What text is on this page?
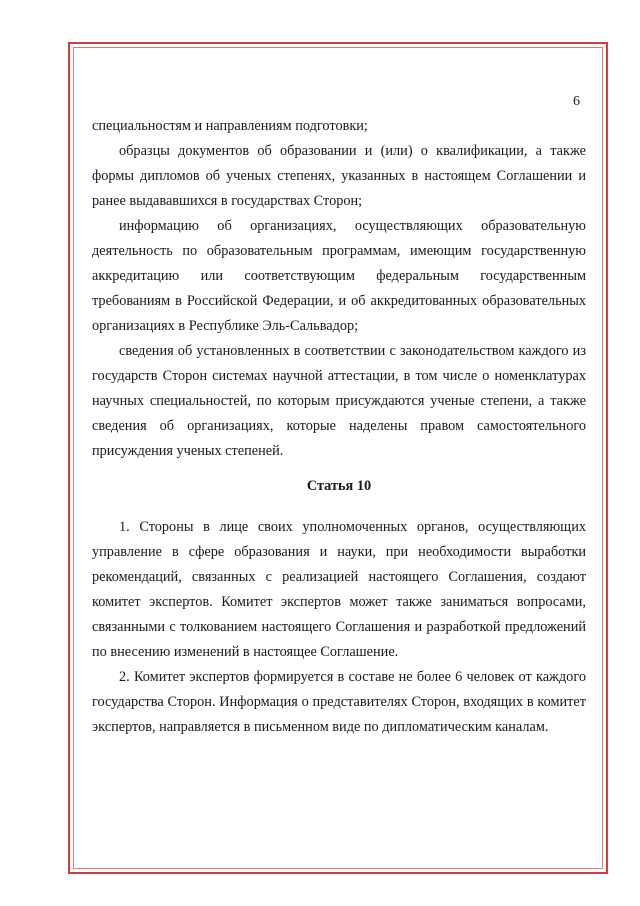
6

специальностям и направлениям подготовки;

образцы документов об образовании и (или) о квалификации, а также формы дипломов об ученых степенях, указанных в настоящем Соглашении и ранее выдававшихся в государствах Сторон;

информацию об организациях, осуществляющих образовательную деятельность по образовательным программам, имеющим государственную аккредитацию или соответствующим федеральным государственным требованиям в Российской Федерации, и об аккредитованных образовательных организациях в Республике Эль-Сальвадор;

сведения об установленных в соответствии с законодательством каждого из государств Сторон системах научной аттестации, в том числе о номенклатурах научных специальностей, по которым присуждаются ученые степени, а также сведения об организациях, которые наделены правом самостоятельного присуждения ученых степеней.

Статья 10

1. Стороны в лице своих уполномоченных органов, осуществляющих управление в сфере образования и науки, при необходимости выработки рекомендаций, связанных с реализацией настоящего Соглашения, создают комитет экспертов. Комитет экспертов может также заниматься вопросами, связанными с толкованием настоящего Соглашения и разработкой предложений по внесению изменений в настоящее Соглашение.

2. Комитет экспертов формируется в составе не более 6 человек от каждого государства Сторон. Информация о представителях Сторон, входящих в комитет экспертов, направляется в письменном виде по дипломатическим каналам.
